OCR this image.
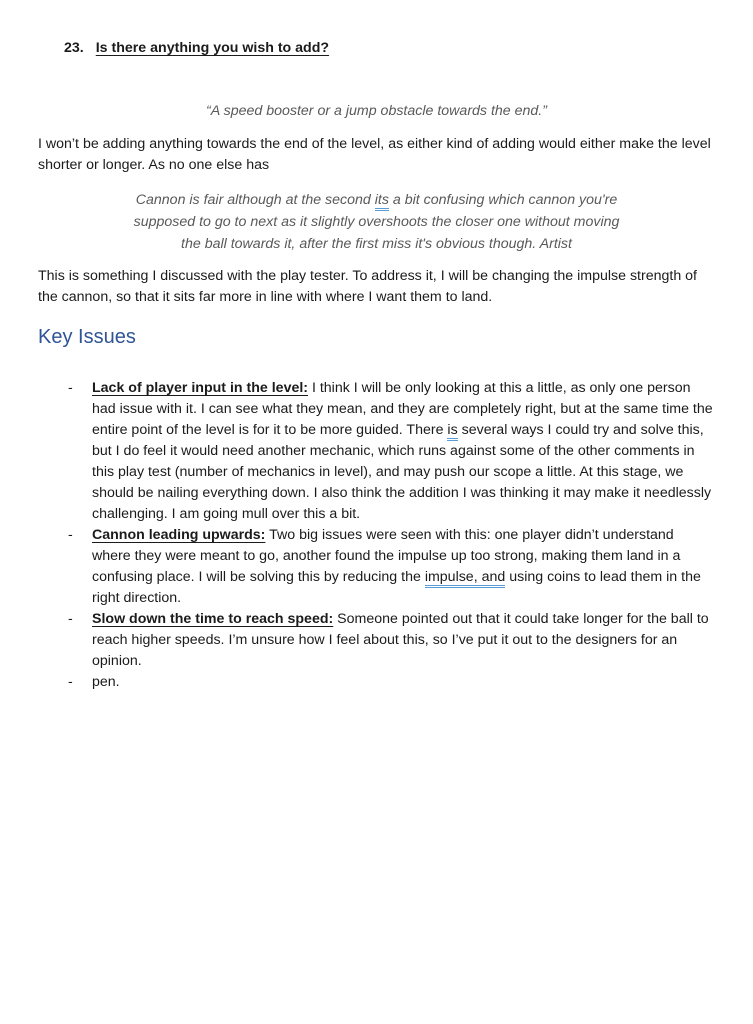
23. Is there anything you wish to add?

“A speed booster or a jump obstacle towards the end.”

I won’t be adding anything towards the end of the level, as either kind of adding would either make the level shorter or longer. As no one else has

Cannon is fair although at the second its a bit confusing which cannon you're supposed to go to next as it slightly overshoots the closer one without moving the ball towards it, after the first miss it's obvious though. Artist

This is something I discussed with the play tester. To address it, I will be changing the impulse strength of the cannon, so that it sits far more in line with where I want them to land.

Key Issues
- Lack of player input in the level: I think I will be only looking at this a little, as only one person had issue with it. I can see what they mean, and they are completely right, but at the same time the entire point of the level is for it to be more guided. There is several ways I could try and solve this, but I do feel it would need another mechanic, which runs against some of the other comments in this play test (number of mechanics in level), and may push our scope a little. At this stage, we should be nailing everything down. I also think the addition I was thinking it may make it needlessly challenging. I am going mull over this a bit.
- Cannon leading upwards: Two big issues were seen with this: one player didn’t understand where they were meant to go, another found the impulse up too strong, making them land in a confusing place. I will be solving this by reducing the impulse, and using coins to lead them in the right direction.
- Slow down the time to reach speed: Someone pointed out that it could take longer for the ball to reach higher speeds. I’m unsure how I feel about this, so I’ve put it out to the designers for an opinion.
- pen.
